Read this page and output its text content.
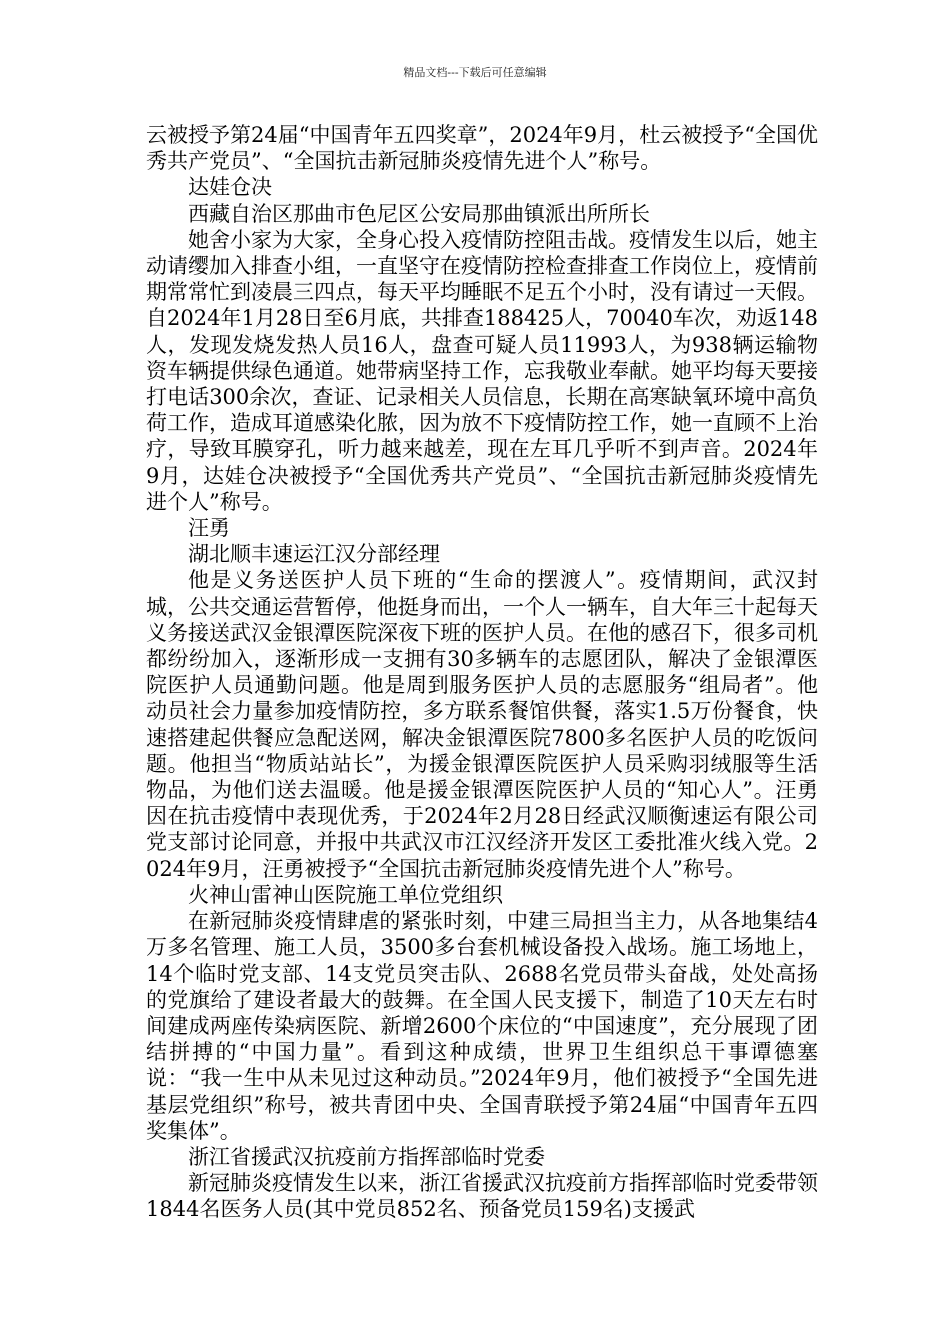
精品文档---下载后可任意编辑

云被授予第24届“中国青年五四奖章”，2024年9月，杜云被授予“全国优秀共产党员”、“全国抗击新冠肺炎疫情先进个人”称号。

达娃仓决

西藏自治区那曲市色尼区公安局那曲镇派出所所长

她舍小家为大家，全身心投入疫情防控阻击战。疫情发生以后，她主动请缨加入排查小组，一直坚守在疫情防控检查排查工作岗位上，疫情前期常常忙到凌晨三四点，每天平均睡眠不足五个小时，没有请过一天假。自2024年1月28日至6月底，共排查188425人，70040车次，劝返148人，发现发烧发热人员16人，盘查可疑人员11993人，为938辆运输物资车辆提供绿色通道。她带病坚持工作，忘我敬业奉献。她平均每天要接打电话300余次，查证、记录相关人员信息，长期在高寒缺氧环境中高负荷工作，造成耳道感染化脓，因为放不下疫情防控工作，她一直顾不上治疗，导致耳膜穿孔，听力越来越差，现在左耳几乎听不到声音。2024年9月，达娃仓决被授予“全国优秀共产党员”、“全国抗击新冠肺炎疫情先进个人”称号。

汪勇

湖北顺丰速运江汉分部经理

他是义务送医护人员下班的“生命的摆渡人”。疫情期间，武汉封城，公共交通运营暂停，他挺身而出，一个人一辆车，自大年三十起每天义务接送武汉金银潭医院深夜下班的医护人员。在他的感召下，很多司机都纷纷加入，逐渐形成一支拥有30多辆车的志愿团队，解决了金银潭医院医护人员通勤问题。他是周到服务医护人员的志愿服务“组局者”。他动员社会力量参加疫情防控，多方联系餐馆供餐，落实1.5万份餐食，快速搭建起供餐应急配送网，解决金银潭医院7800多名医护人员的吃饭问题。他担当“物质站站长”，为援金银潭医院医护人员采购羽绒服等生活物品，为他们送去温暖。他是援金银潭医院医护人员的“知心人”。汪勇因在抗击疫情中表现优秀，于2024年2月28日经武汉顺衡速运有限公司党支部讨论同意，并报中共武汉市江汉经济开发区工委批准火线入党。2024年9月，汪勇被授予“全国抗击新冠肺炎疫情先进个人”称号。

火神山雷神山医院施工单位党组织

在新冠肺炎疫情肆虐的紧张时刻，中建三局担当主力，从各地集结4万多名管理、施工人员，3500多台套机械设备投入战场。施工场地上，14个临时党支部、14支党员突击队、2688名党员带头奋战，处处高扬的党旗给了建设者最大的鼓舞。在全国人民支援下，制造了10天左右时间建成两座传染病医院、新增2600个床位的“中国速度”，充分展现了团结拼搏的“中国力量”。看到这种成绩，世界卫生组织总干事谭德塞说：“我一生中从未见过这种动员。”2024年9月，他们被授予“全国先进基层党组织”称号，被共青团中央、全国青联授予第24届“中国青年五四奖集体”。

浙江省援武汉抗疫前方指挥部临时党委

新冠肺炎疫情发生以来，浙江省援武汉抗疫前方指挥部临时党委带领1844名医务人员(其中党员852名、预备党员159名)支援武
